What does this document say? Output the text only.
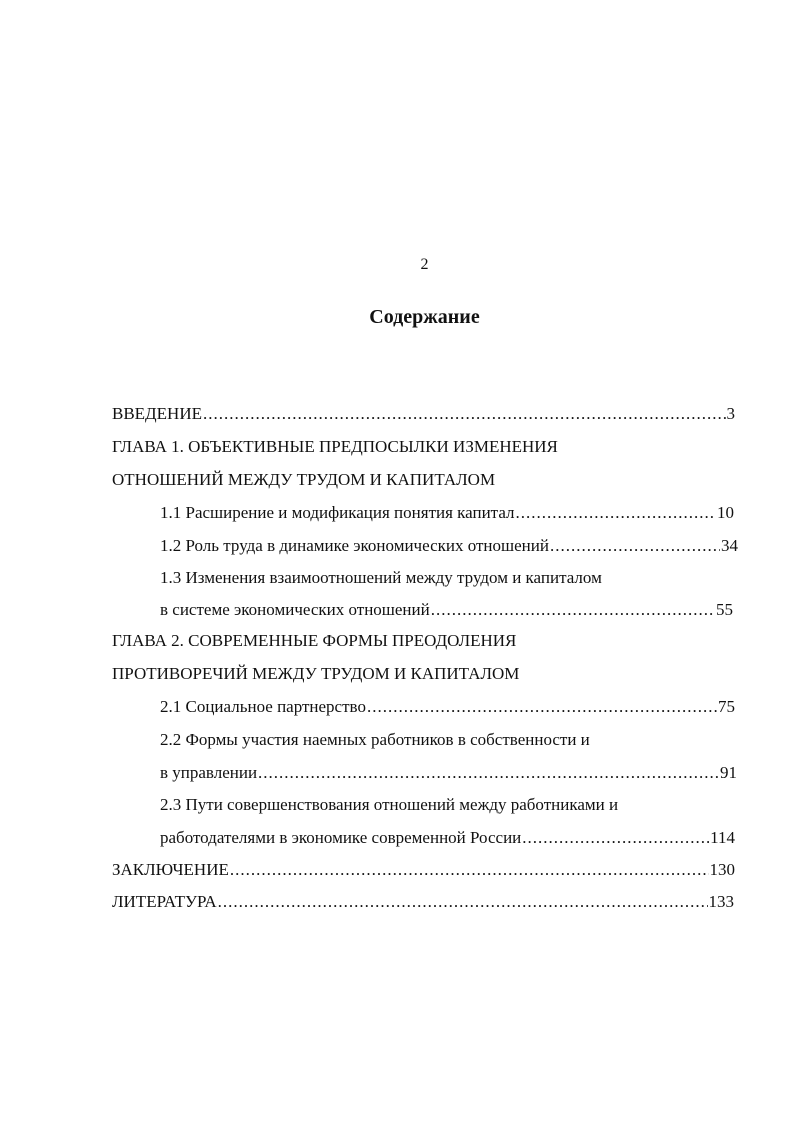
2
Содержание
ВВЕДЕНИЕ .....	3
ГЛАВА 1. ОБЪЕКТИВНЫЕ ПРЕДПОСЫЛКИ ИЗМЕНЕНИЯ
ОТНОШЕНИЙ МЕЖДУ ТРУДОМ И КАПИТАЛОМ
1.1 Расширение и модификация понятия капитал .....	10
1.2 Роль труда в динамике экономических отношений .....	34
1.3 Изменения взаимоотношений между трудом и капиталом
в системе экономических отношений .....	55
ГЛАВА 2. СОВРЕМЕННЫЕ ФОРМЫ ПРЕОДОЛЕНИЯ
ПРОТИВОРЕЧИЙ МЕЖДУ ТРУДОМ И КАПИТАЛОМ
2.1 Социальное партнерство .....	75
2.2 Формы участия наемных работников в собственности и
в управлении .....	91
2.3 Пути совершенствования отношений между работниками и
работодателями в экономике современной России .....	114
ЗАКЛЮЧЕНИЕ .....	130
ЛИТЕРАТУРА .....	133
